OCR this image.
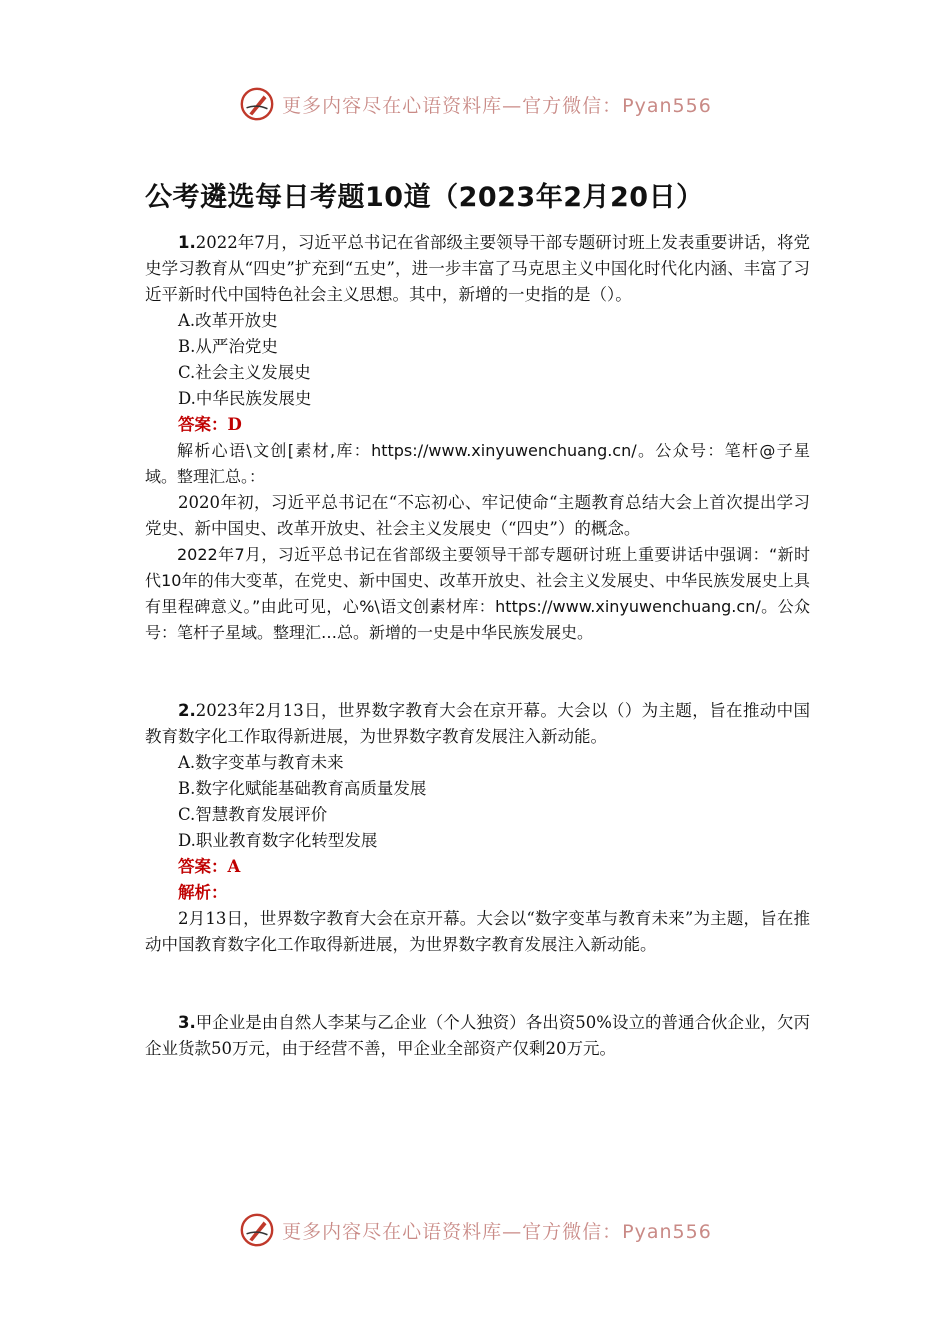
更多内容尽在心语资料库—官方微信：Pyan556
公考遴选每日考题10道（2023年2月20日）

1.2022年7月，习近平总书记在省部级主要领导干部专题研讨班上发表重要讲话，将党史学习教育从“四史”扩充到“五史”，进一步丰富了马克思主义中国化时代化内涵、丰富了习近平新时代中国特色社会主义思想。其中，新增的一史指的是（）。

A.改革开放史

B.从严治党史

C.社会主义发展史

D.中华民族发展史

答案：D

解析心语\文创[素材,库：https://www.xinyuwenchuang.cn/。公众号：笔杆@子星域。整理汇总。：

2020年初，习近平总书记在“不忘初心、牢记使命“主题教育总结大会上首次提出学习党史、新中国史、改革开放史、社会主义发展史（“四史”）的概念。

2022年7月，习近平总书记在省部级主要领导干部专题研讨班上重要讲话中强调：“新时代10年的伟大变革，在党史、新中国史、改革开放史、社会主义发展史、中华民族发展史上具有里程碑意义。”由此可见，心%\语文创素材库：https://www.xinyuwenchuang.cn/。公众号：笔杆子星域。整理汇…总。新增的一史是中华民族发展史。

2.2023年2月13日，世界数字教育大会在京开幕。大会以（）为主题，旨在推动中国教育数字化工作取得新进展，为世界数字教育发展注入新动能。

A.数字变革与教育未来

B.数字化赋能基础教育高质量发展

C.智慧教育发展评价

D.职业教育数字化转型发展

答案：A

解析：

2月13日，世界数字教育大会在京开幕。大会以“数字变革与教育未来”为主题，旨在推动中国教育数字化工作取得新进展，为世界数字教育发展注入新动能。

3.甲企业是由自然人李某与乙企业（个人独资）各出资50%设立的普通合伙企业，欠丙企业货款50万元，由于经营不善，甲企业全部资产仅剩20万元。

更多内容尽在心语资料库—官方微信：Pyan556
